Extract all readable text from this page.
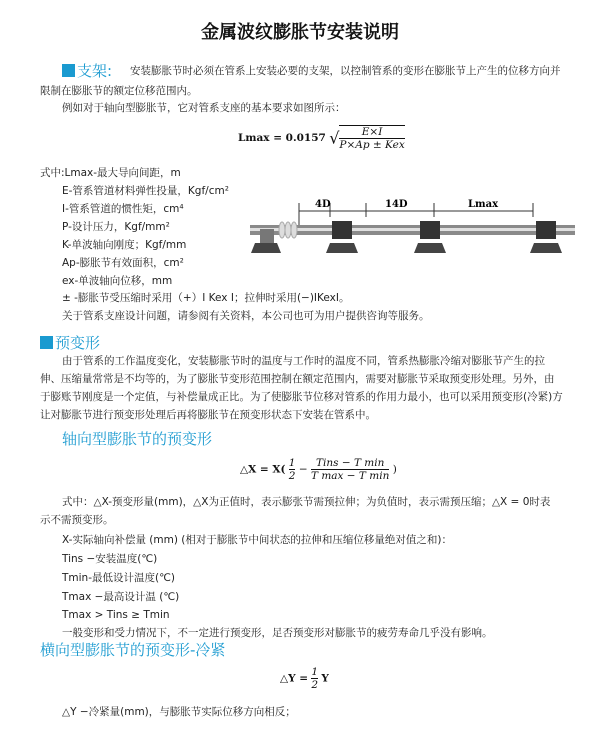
金属波纹膨胀节安装说明
支架: 安装膨胀节时必须在管系上安装必要的支架，以控制管系的变形在膨胀节上产生的位移方向并
限制在膨胀节的额定位移范围内。
例如对于轴向型膨胀节，它对管系支座的基本要求如图所示：
Lmax = 0.0157 √ $\frac{E\times I}{\text{P×Ap ± Kex}}$
式中:Lmax-最大导向间距，m
E-管系管道材料弹性投量，Kgf/cm²
I-管系管道的惯性矩，cm⁴
P-设计压力，Kgf/mm²
K-单波轴向刚度；Kgf/mm
Ap-膨胀节有效面积，cm²
ex-单波轴向位移，mm
± -膨胀节受压缩时采用（+）I Kex I；拉伸时采用(−)IKexI。
关于管系支座设计问题，请参阅有关资料，本公司也可为用户提供咨询等服务。
4D	14D	Lmax
预变形
由于管系的工作温度变化，安装膨胀节时的温度与工作时的温度不同，管系热膨胀冷缩对膨胀节产生的拉
伸、压缩量常常是不均等的，为了膨胀节变形范围控制在额定范围内，需要对膨胀节采取预变形处理。另外，由
于膨账节刚度是一个定值，与补偿量成正比。为了使膨胀节位移对管系的作用力最小，也可以采用预变形(冷紧)方
让对膨胀节进行预变形处理后再将膨胀节在预变形状态下安装在管系中。
轴向型膨胀节的预变形
△X = $X( \frac{1}{2} - \frac{\text{Tins − T min}}{\text{T max − T min}}$ )
式中：△X-预变形量(mm)，△X为正值时，表示膨张节需预拉伸；为负值时，表示需预压缩；△X = 0时表
示不需预变形。
X-实际轴向补偿量 (mm) (相对于膨胀节中间状态的拉伸和压缩位移量绝对值之和)：
Tins −安装温度(℃)
Tmin-最低设计温度(℃)
Tmax −最高设计温 (℃)
Tmax > Tins ≥ Tmin
一般变形和受力情况下，不一定进行预变形，足否预变形对膨胀节的疲劳寿命几乎没有影响。
横向型膨胀节的预变形-冷紧
△Y = $\frac{1}{2}$ Y
△Y −冷紧量(mm)，与膨胀节实际位移方向相反；
